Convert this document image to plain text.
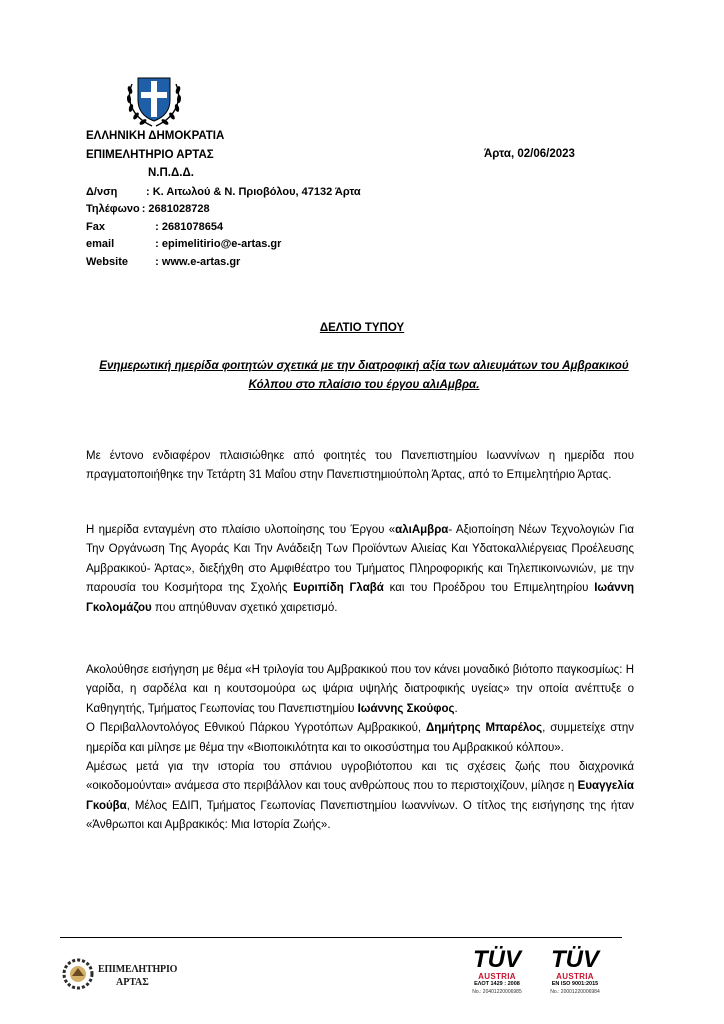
ΕΛΛΗΝΙΚΗ ΔΗΜΟΚΡΑΤΙΑ
ΕΠΙΜΕΛΗΤΗΡΙΟ ΑΡΤΑΣ	Άρτα, 02/06/2023
Ν.Π.Δ.Δ.
Δ/νση	: Κ. Αιτωλού & Ν. Πριοβόλου, 47132 Άρτα
Τηλέφωνο : 2681028728
Fax	: 2681078654
email	: epimelitirio@e-artas.gr
Website	: www.e-artas.gr
ΔΕΛΤΙΟ ΤΥΠΟΥ
Ενημερωτική ημερίδα φοιτητών σχετικά με την διατροφική αξία των αλιευμάτων του Αμβρακικού Κόλπου στο πλαίσιο του έργου αλιΑμβρα.

Με έντονο ενδιαφέρον πλαισιώθηκε από φοιτητές του Πανεπιστημίου Ιωαννίνων η ημερίδα που πραγματοποιήθηκε την Τετάρτη 31 Μαΐου στην Πανεπιστημιούπολη Άρτας, από το Επιμελητήριο Άρτας.

Η ημερίδα ενταγμένη στο πλαίσιο υλοποίησης του Έργου «αλιΑμβρα- Αξιοποίηση Νέων Τεχνολογιών Για Την Οργάνωση Της Αγοράς Και Την Ανάδειξη Των Προϊόντων Αλιείας Και Υδατοκαλλιέργειας Προέλευσης Αμβρακικού- Άρτας», διεξήχθη στο Αμφιθέατρο του Τμήματος Πληροφορικής και Τηλεπικοινωνιών, με την παρουσία του Κοσμήτορα της Σχολής Ευριπίδη Γλαβά και του Προέδρου του Επιμελητηρίου Ιωάννη Γκολομάζου που απηύθυναν σχετικό χαιρετισμό.

Ακολούθησε εισήγηση με θέμα «Η τριλογία του Αμβρακικού που τον κάνει μοναδικό βιότοπο παγκοσμίως: Η γαρίδα, η σαρδέλα και η κουτσομούρα ως ψάρια υψηλής διατροφικής υγείας» την οποία ανέπτυξε ο Καθηγητής, Τμήματος Γεωπονίας του Πανεπιστημίου Ιωάννης Σκούφος.

Ο Περιβαλλοντολόγος Εθνικού Πάρκου Υγροτόπων Αμβρακικού, Δημήτρης Μπαρέλος, συμμετείχε στην ημερίδα και μίλησε με θέμα την «Βιοποικιλότητα και το οικοσύστημα του Αμβρακικού κόλπου».

Αμέσως μετά για την ιστορία του σπάνιου υγροβιότοπου και τις σχέσεις ζωής που διαχρονικά «οικοδομούνται» ανάμεσα στο περιβάλλον και τους ανθρώπους που το περιστοιχίζουν, μίλησε η Ευαγγελία Γκούβα, Μέλος ΕΔΙΠ, Τμήματος Γεωπονίας Πανεπιστημίου Ιωαννίνων. Ο τίτλος της εισήγησης της ήταν «Άνθρωποι και Αμβρακικός: Μια Ιστορία Ζωής».

ΕΠΙΜΕΛΗΤΗΡΙΟ
ΑΡΤΑΣ
TÜV
AUSTRIA
ΕΛΟΤ 1429 : 2008
No.: 20401220006985
TÜV
AUSTRIA
EN ISO 9001:2015
No.: 20001220006984
